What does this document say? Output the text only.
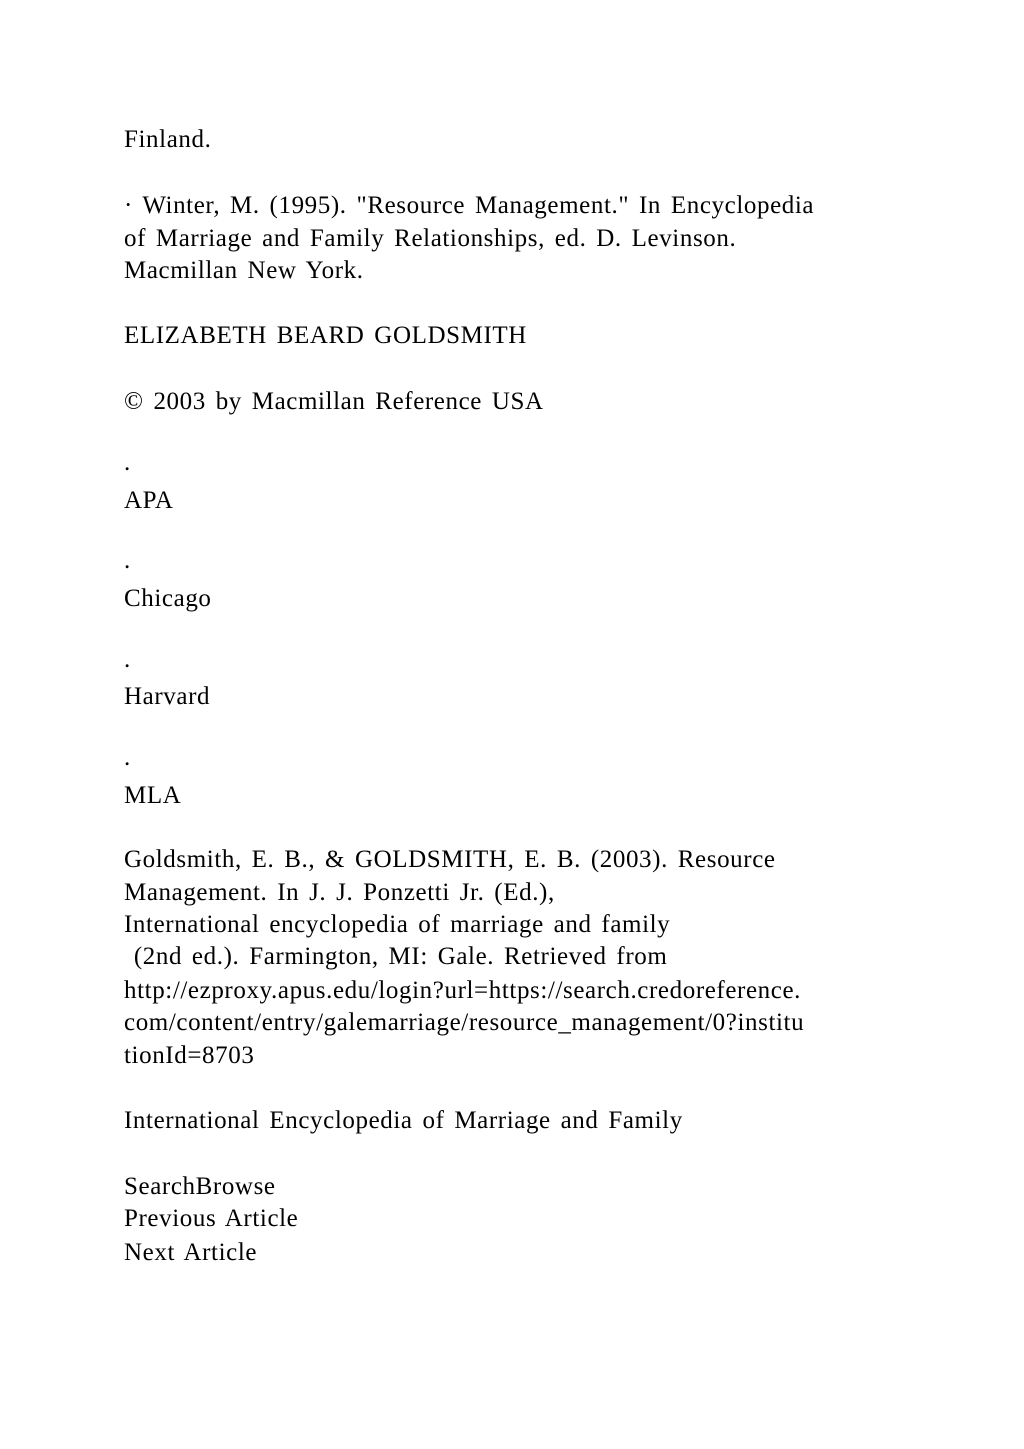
Finland.
· Winter, M. (1995). "Resource Management." In Encyclopedia
of Marriage and Family Relationships, ed. D. Levinson.
Macmillan New York.
ELIZABETH BEARD GOLDSMITH
© 2003 by Macmillan Reference USA
.
APA
.
Chicago
.
Harvard
.
MLA
Goldsmith, E. B., & GOLDSMITH, E. B. (2003). Resource
Management. In J. J. Ponzetti Jr. (Ed.),
International encyclopedia of marriage and family
(2nd ed.). Farmington, MI: Gale. Retrieved from
http://ezproxy.apus.edu/login?url=https://search.credoreference.
com/content/entry/galemarriage/resource_management/0?institu
tionId=8703
International Encyclopedia of Marriage and Family
SearchBrowse
Previous Article
Next Article
